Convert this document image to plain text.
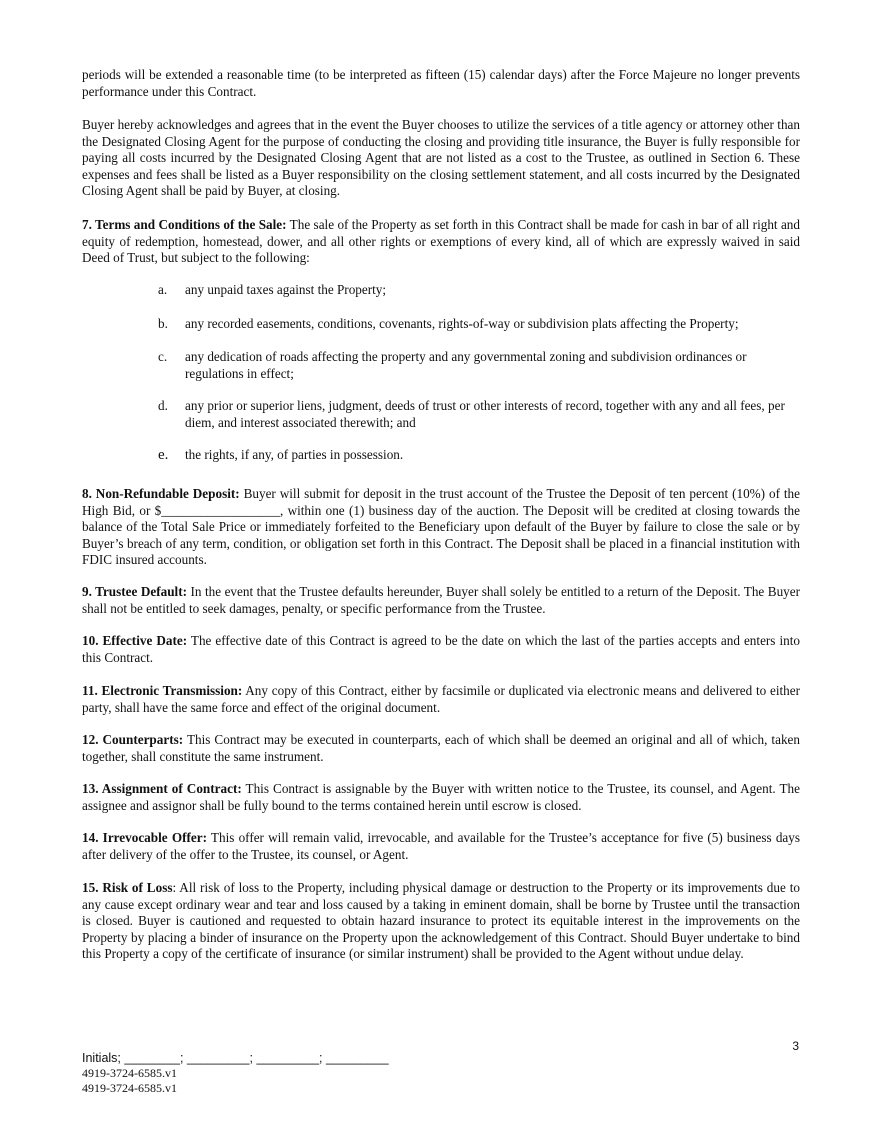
periods will be extended a reasonable time (to be interpreted as fifteen (15) calendar days) after the Force Majeure no longer prevents performance under this Contract.

Buyer hereby acknowledges and agrees that in the event the Buyer chooses to utilize the services of a title agency or attorney other than the Designated Closing Agent for the purpose of conducting the closing and providing title insurance, the Buyer is fully responsible for paying all costs incurred by the Designated Closing Agent that are not listed as a cost to the Trustee, as outlined in Section 6. These expenses and fees shall be listed as a Buyer responsibility on the closing settlement statement, and all costs incurred by the Designated Closing Agent shall be paid by Buyer, at closing.

7. Terms and Conditions of the Sale: The sale of the Property as set forth in this Contract shall be made for cash in bar of all right and equity of redemption, homestead, dower, and all other rights or exemptions of every kind, all of which are expressly waived in said Deed of Trust, but subject to the following:

a.	any unpaid taxes against the Property;
b.	any recorded easements, conditions, covenants, rights-of-way or subdivision plats affecting the Property;
c.	any dedication of roads affecting the property and any governmental zoning and subdivision ordinances or regulations in effect;
d.	any prior or superior liens, judgment, deeds of trust or other interests of record, together with any and all fees, per diem, and interest associated therewith; and
e.	the rights, if any, of parties in possession.

8. Non-Refundable Deposit: Buyer will submit for deposit in the trust account of the Trustee the Deposit of ten percent (10%) of the High Bid, or $__________________, within one (1) business day of the auction. The Deposit will be credited at closing towards the balance of the Total Sale Price or immediately forfeited to the Beneficiary upon default of the Buyer by failure to close the sale or by Buyer’s breach of any term, condition, or obligation set forth in this Contract. The Deposit shall be placed in a financial institution with FDIC insured accounts.

9. Trustee Default: In the event that the Trustee defaults hereunder, Buyer shall solely be entitled to a return of the Deposit. The Buyer shall not be entitled to seek damages, penalty, or specific performance from the Trustee.

10. Effective Date: The effective date of this Contract is agreed to be the date on which the last of the parties accepts and enters into this Contract.

11. Electronic Transmission: Any copy of this Contract, either by facsimile or duplicated via electronic means and delivered to either party, shall have the same force and effect of the original document.

12. Counterparts: This Contract may be executed in counterparts, each of which shall be deemed an original and all of which, taken together, shall constitute the same instrument.

13. Assignment of Contract: This Contract is assignable by the Buyer with written notice to the Trustee, its counsel, and Agent. The assignee and assignor shall be fully bound to the terms contained herein until escrow is closed.

14. Irrevocable Offer: This offer will remain valid, irrevocable, and available for the Trustee’s acceptance for five (5) business days after delivery of the offer to the Trustee, its counsel, or Agent.

15. Risk of Loss: All risk of loss to the Property, including physical damage or destruction to the Property or its improvements due to any cause except ordinary wear and tear and loss caused by a taking in eminent domain, shall be borne by Trustee until the transaction is closed. Buyer is cautioned and requested to obtain hazard insurance to protect its equitable interest in the improvements on the Property by placing a binder of insurance on the Property upon the acknowledgement of this Contract. Should Buyer undertake to bind this Property a copy of the certificate of insurance (or similar instrument) shall be provided to the Agent without undue delay.

3
Initials; ________; _________; _________; _________
4919-3724-6585.v1
4919-3724-6585.v1
